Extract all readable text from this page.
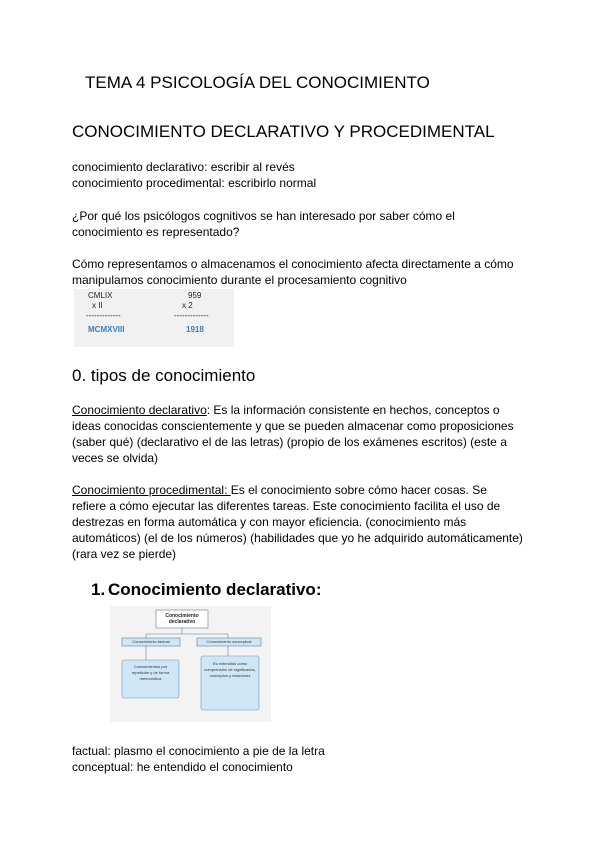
TEMA 4 PSICOLOGÍA DEL CONOCIMIENTO
CONOCIMIENTO DECLARATIVO Y PROCEDIMENTAL
conocimiento declarativo: escribir al revés
conocimiento procedimental: escribirlo normal
¿Por qué los psicólogos cognitivos se han interesado por saber cómo el
conocimiento es representado?
Cómo representamos o almacenamos el conocimiento afecta directamente a cómo
manipulamos conocimiento durante el procesamiento cognitivo
CMLIX
x II
-------------
MCMXVIII
959
x 2
-------------
1918
0. tipos de conocimiento
Conocimiento declarativo: Es la información consistente en hechos, conceptos o
ideas conocidas conscientemente y que se pueden almacenar como proposiciones
(saber qué) (declarativo el de las letras) (propio de los exámenes escritos) (este a
veces se olvida)
Conocimiento procedimental: Es el conocimiento sobre cómo hacer cosas. Se
refiere a cómo ejecutar las diferentes tareas. Este conocimiento facilita el uso de
destrezas en forma automática y con mayor eficiencia. (conocimiento más
automáticos) (el de los números) (habilidades que yo he adquirido automáticamente)
(rara vez se pierde)
1. Conocimiento declarativo:
Conocimiento
declarativo
Conocimiento factual	Conocimiento conceptual
Conocimientos por repetición y de forma memorística
Es entendido como comprensión de significados, conceptos y relaciones
factual: plasmo el conocimiento a pie de la letra
conceptual: he entendido el conocimiento
